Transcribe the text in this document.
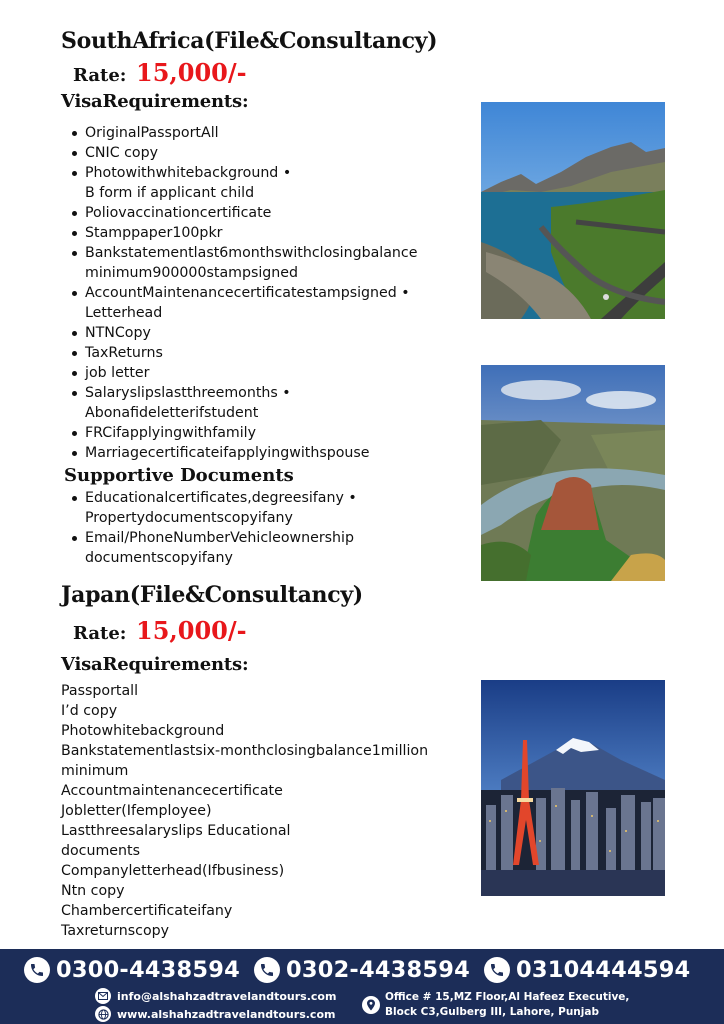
SouthAfrica(File&Consultancy)
Rate: 15,000/-
VisaRequirements:
OriginalPassportAll
CNIC copy
Photowithwhitebackground •
B form if applicant child
Poliovaccinationcertificate
Stamppaper100pkr
Bankstatementlast6monthswithclosingbalance
minimum900000stampsigned
AccountMaintenancecertificatestampsigned •
Letterhead
NTNCopy
TaxReturns
job letter
Salaryslipslastthreemonths •
Abonafideletterifstudent
FRCifapplyingwithfamily
Marriagecertificateifapplyingwithspouse
Supportive Documents
Educationalcertificates,degreesifany •
Propertydocumentscopyifany
Email/PhoneNumberVehicleownership
documentscopyifany
Japan(File&Consultancy)
Rate: 15,000/-
VisaRequirements:
Passportall
I’d copy
Photowhitebackground
Bankstatementlastsix-monthclosingbalance1million
minimum
Accountmaintenancecertificate
Jobletter(Ifemployee)
Lastthreesalaryslips Educational
documents
Companyletterhead(Ifbusiness)
Ntn copy
Chambercertificateifany
Taxreturnscopy
0300-4438594 0302-4438594 03104444594
info@alshahzadtravelandtours.com
www.alshahzadtravelandtours.com
Office # 15,MZ Floor,Al Hafeez Executive,
Block C3,Gulberg III, Lahore, Punjab
